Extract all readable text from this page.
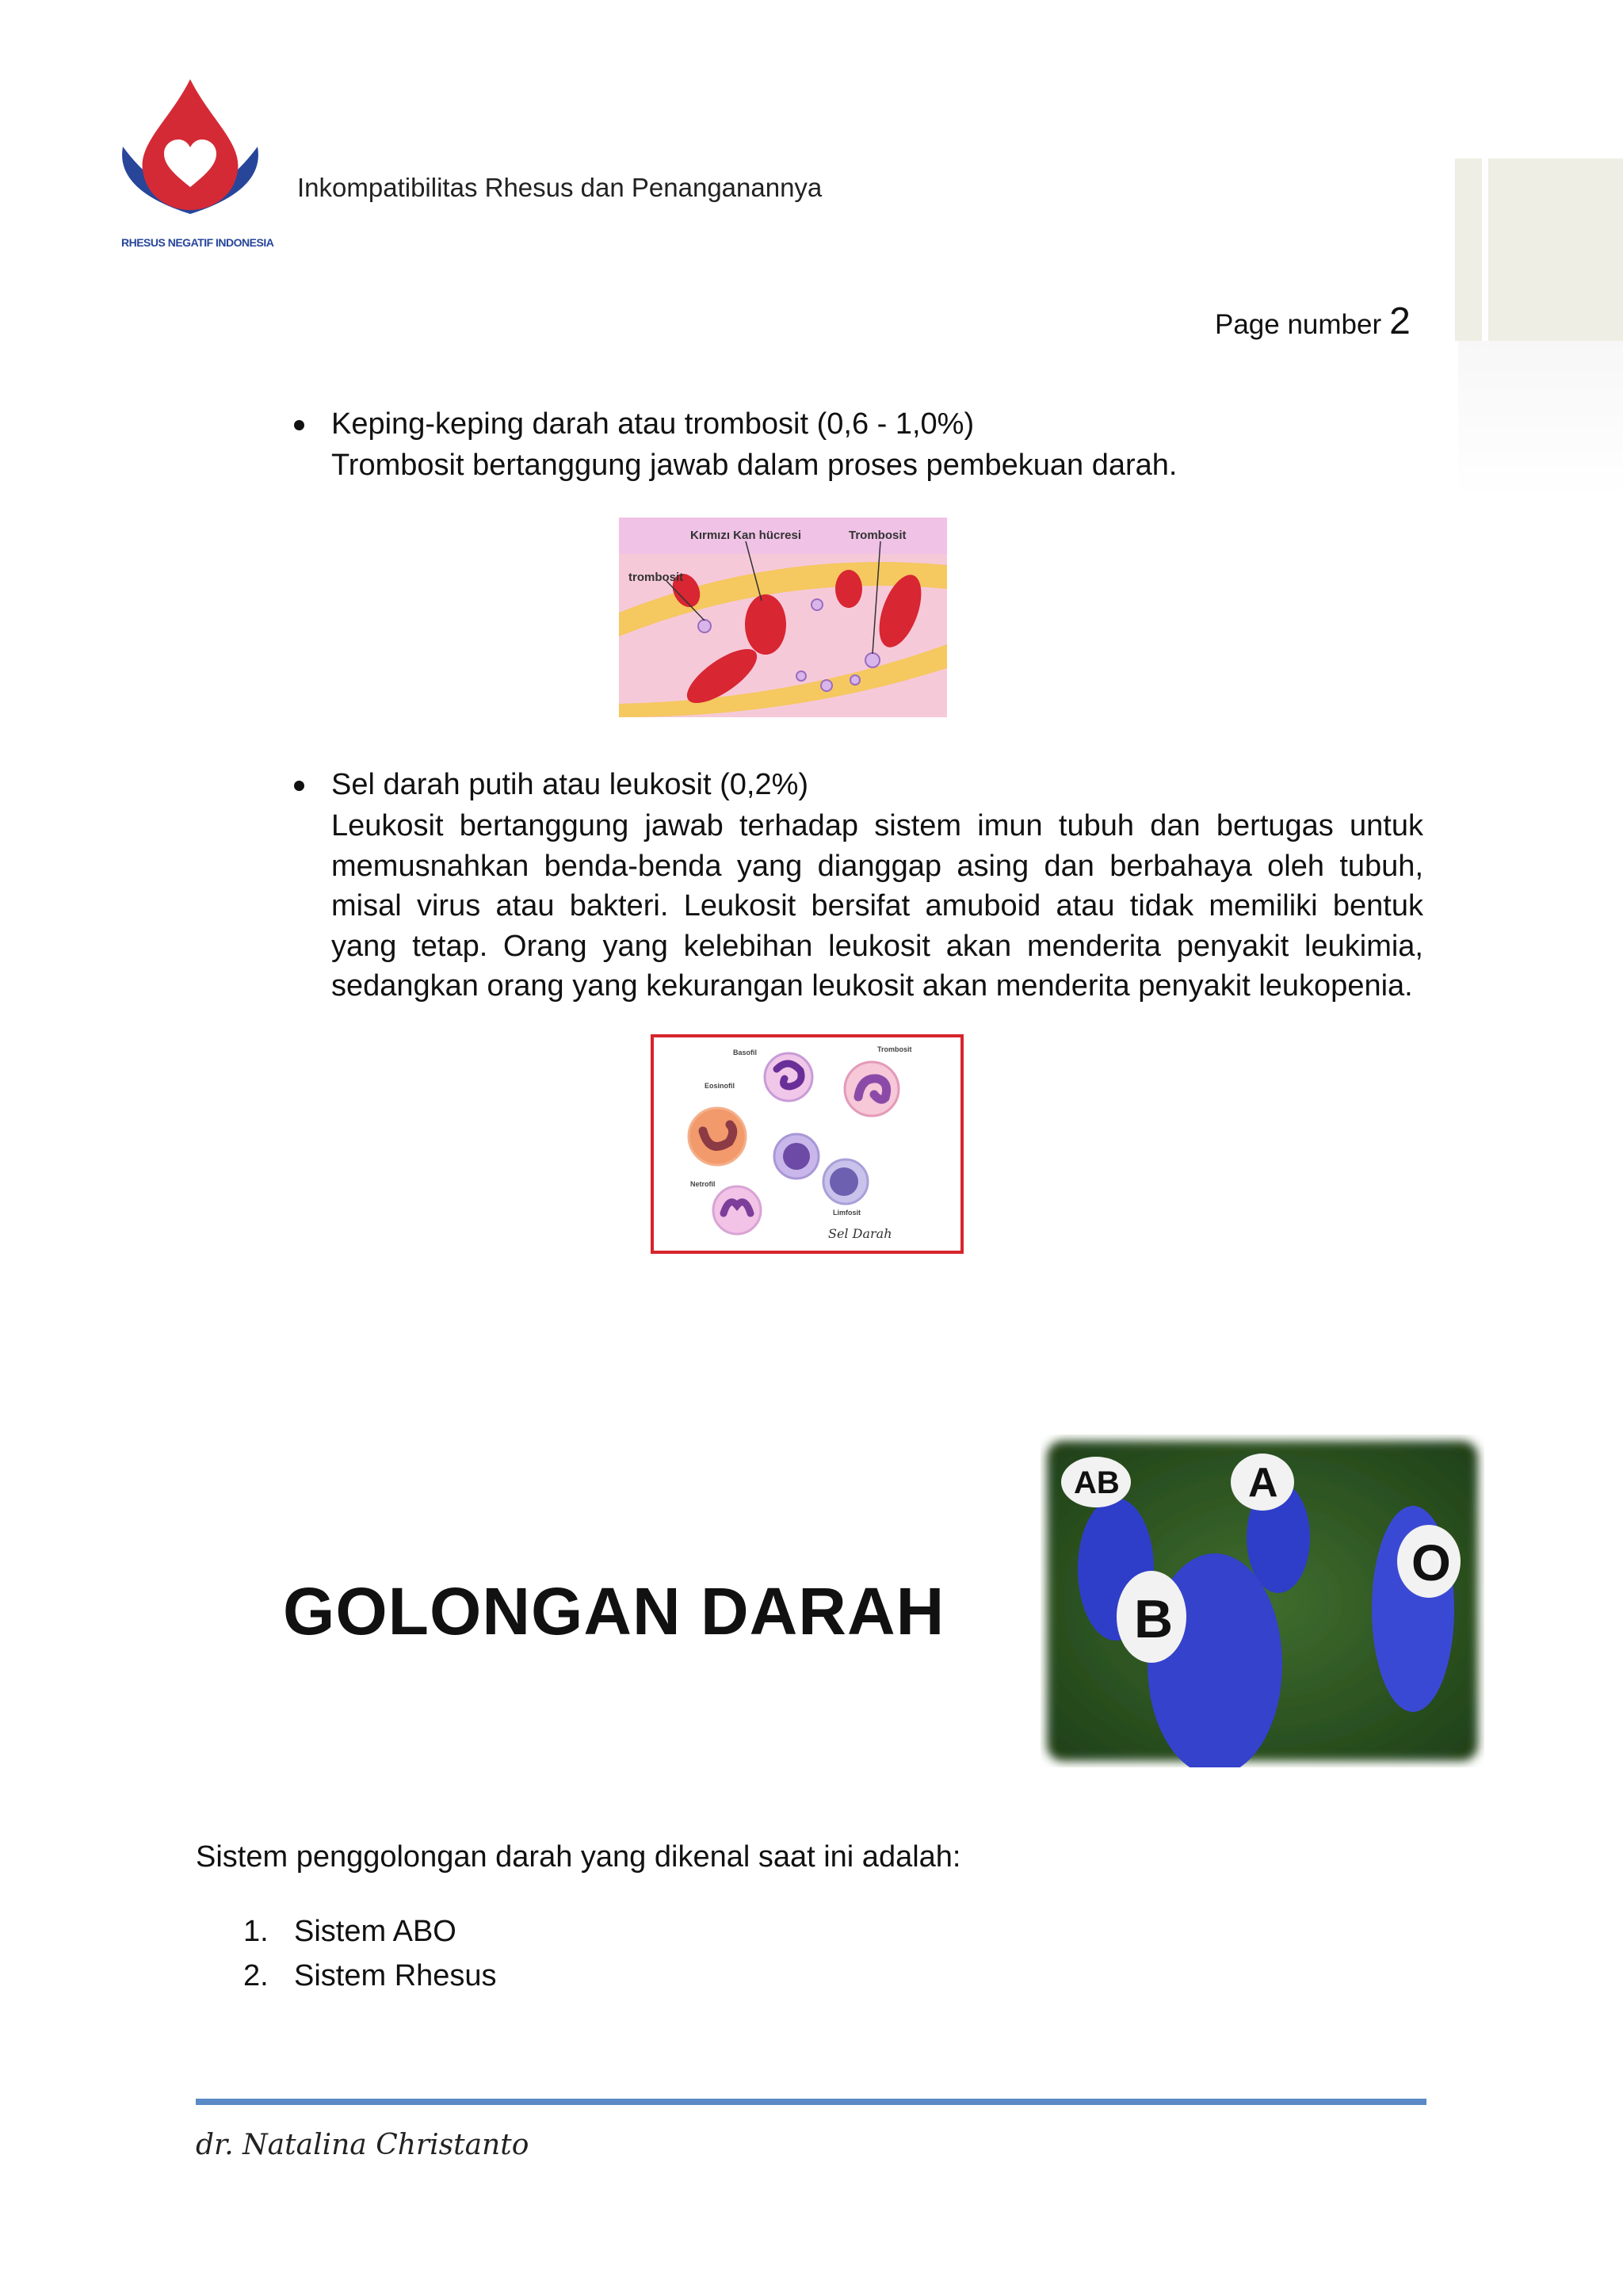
RHESUS NEGATIF INDONESIA
Inkompatibilitas Rhesus dan Penanganannya
Page number 2
Keping-keping darah atau trombosit (0,6 - 1,0%)
Trombosit bertanggung jawab dalam proses pembekuan darah.
Kırmızı Kan hücresi	Trombosit
trombosit
Sel darah putih atau leukosit (0,2%)
Leukosit bertanggung jawab terhadap sistem imun tubuh dan bertugas untuk memusnahkan benda-benda yang dianggap asing dan berbahaya oleh tubuh, misal virus atau bakteri. Leukosit bersifat amuboid atau tidak memiliki bentuk yang tetap. Orang yang kelebihan leukosit akan menderita penyakit leukimia, sedangkan orang yang kekurangan leukosit akan menderita penyakit leukopenia.
Basofil	Trombosit
Eosinofil
Netrofil
Limfosit
Sel Darah
GOLONGAN DARAH
AB	A
B
O
Sistem penggolongan darah yang dikenal saat ini adalah:
1. Sistem ABO
2. Sistem Rhesus
dr. Natalina Christanto
